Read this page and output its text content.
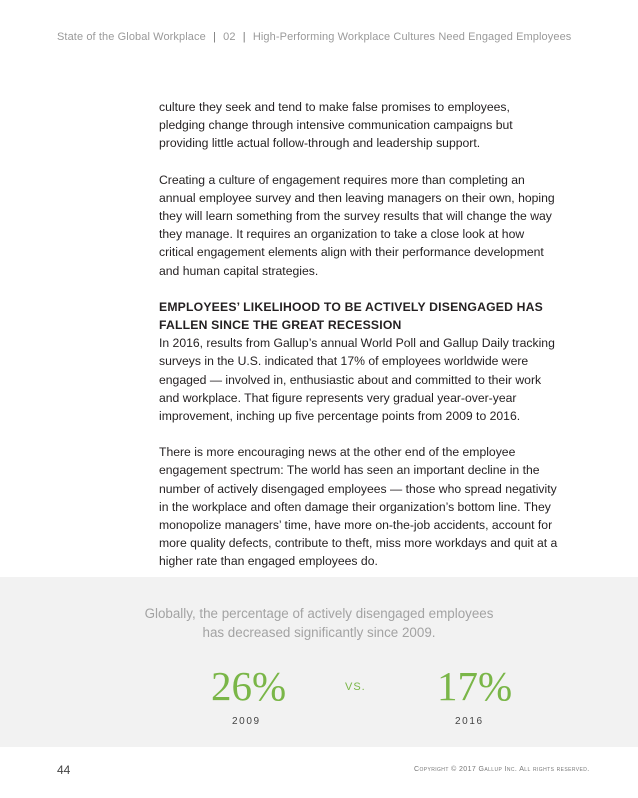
State of the Global Workplace | 02 | High-Performing Workplace Cultures Need Engaged Employees

culture they seek and tend to make false promises to employees, pledging change through intensive communication campaigns but providing little actual follow-through and leadership support.

Creating a culture of engagement requires more than completing an annual employee survey and then leaving managers on their own, hoping they will learn something from the survey results that will change the way they manage. It requires an organization to take a close look at how critical engagement elements align with their performance development and human capital strategies.

EMPLOYEES’ LIKELIHOOD TO BE ACTIVELY DISENGAGED HAS FALLEN SINCE THE GREAT RECESSION

In 2016, results from Gallup’s annual World Poll and Gallup Daily tracking surveys in the U.S. indicated that 17% of employees worldwide were engaged — involved in, enthusiastic about and committed to their work and workplace. That figure represents very gradual year-over-year improvement, inching up five percentage points from 2009 to 2016.

There is more encouraging news at the other end of the employee engagement spectrum: The world has seen an important decline in the number of actively disengaged employees — those who spread negativity in the workplace and often damage their organization’s bottom line. They monopolize managers’ time, have more on-the-job accidents, account for more quality defects, contribute to theft, miss more workdays and quit at a higher rate than engaged employees do.

Globally, the percentage of actively disengaged employees
has decreased significantly since 2009.
26%	VS. 17%
2009	2016
44	Copyright © 2017 Gallup Inc. All rights reserved.
